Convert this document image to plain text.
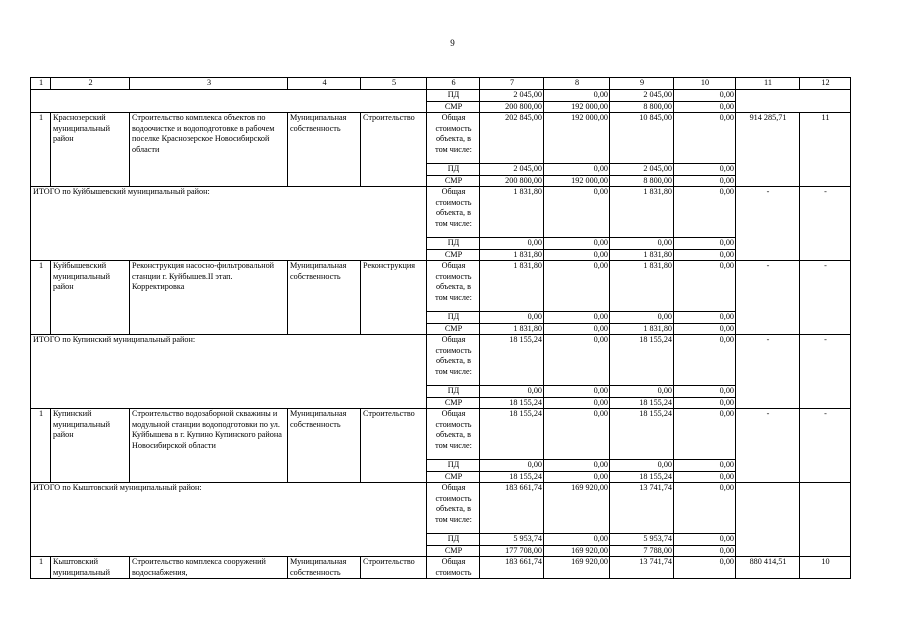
9
1	2	3	4	5	6	7	8	9	10	11	12
					ПД	2 045,00	0,00	2 045,00	0,00		
					СМР	200 800,00	192 000,00	8 800,00	0,00		
1	Краснозерский муниципальный район	Строительство комплекса объектов по водоочистке и водоподготовке в рабочем поселке Краснозерское Новосибирской области	Муниципальная собственность	Строительство	Общая стоимость объекта, в том числе:	202 845,00	192 000,00	10 845,00	0,00	914 285,71	11
					ПД	2 045,00	0,00	2 045,00	0,00		
					СМР	200 800,00	192 000,00	8 800,00	0,00		
ИТОГО по Куйбышевский муниципальный район:					Общая стоимость объекта, в том числе:	1 831,80	0,00	1 831,80	0,00	-	-
					ПД	0,00	0,00	0,00	0,00		
					СМР	1 831,80	0,00	1 831,80	0,00		
1	Куйбышевский муниципальный район	Реконструкция насосно-фильтровальной станции г. Куйбышев.II этап. Корректировка	Муниципальная собственность	Реконструкция	Общая стоимость объекта, в том числе:	1 831,80	0,00	1 831,80	0,00	-	-
					ПД	0,00	0,00	0,00	0,00		
					СМР	1 831,80	0,00	1 831,80	0,00		
ИТОГО по Купинский муниципальный район:					Общая стоимость объекта, в том числе:	18 155,24	0,00	18 155,24	0,00	-	-
					ПД	0,00	0,00	0,00	0,00		
					СМР	18 155,24	0,00	18 155,24	0,00		
1	Купинский муниципальный район	Строительство водозаборной скважины и модульной станции водоподготовки по ул. Куйбышева в г. Купино Купинского района Новосибирской области	Муниципальная собственность	Строительство	Общая стоимость объекта, в том числе:	18 155,24	0,00	18 155,24	0,00	-	-
					ПД	0,00	0,00	0,00	0,00		
					СМР	18 155,24	0,00	18 155,24	0,00		
ИТОГО по Кыштовский муниципальный район:					Общая стоимость объекта, в том числе:	183 661,74	169 920,00	13 741,74	0,00		
					ПД	5 953,74	0,00	5 953,74	0,00		
					СМР	177 708,00	169 920,00	7 788,00	0,00		
1	Кыштовский муниципальный	Строительство комплекса сооружений водоснабжения,	Муниципальная собственность	Строительство	Общая стоимость	183 661,74	169 920,00	13 741,74	0,00	880 414,51	10
